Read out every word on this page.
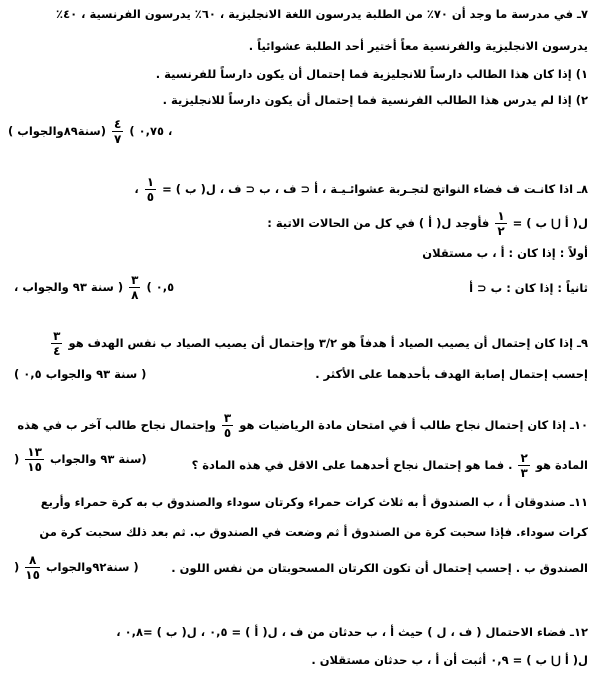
٧ـ في مدرسة ما وجد أن ٧٠٪ من الطلبة يدرسون اللغة الانجليزية ، ٦٠٪ يدرسون الفرنسية ، ٤٠٪
يدرسون الانجليزية والفرنسية معاً أختير أحد الطلبة عشوائياً .
١) إذا كان هذا الطالب دارساً للانجليزية فما إحتمال أن يكون دارساً للفرنسية .
٢) إذا لم يدرس هذا الطالب الفرنسية فما إحتمال أن يكون دارساً للانجليزية .
(	، ٠,٧٥ )
$\frac{٤}{٧}$
(سنة٨٩والجواب
٨ـ اذا كانـت ف فضاء النواتج لتجـربة عشوائـيـة ، أ ⊂ ف ، ب ⊂ ف ، ل( ب ) =
$\frac{١}{٥}$
،
ل( أ ⋃ ب ) =
$\frac{١}{٢}$
فأوجد ل( أ ) في كل من الحالات الاتية :
أولاً : إذا كان : أ ، ب مستقلان
ثانياً : إذا كان : ب ⊂ أ
، ٠,٥ )
$\frac{٣}{٨}$
( سنة ٩٣ والجواب
٩ـ إذا كان إحتمال أن يصيب الصياد أ هدفاً هو ٣/٢ وإحتمال أن يصيب الصياد ب نفس الهدف هو
$\frac{٣}{٤}$
إحسب إحتمال إصابة الهدف بأحدهما على الأكثر .
( سنة ٩٣ والجواب ٠,٥ )
١٠ـ إذا كان إحتمال نجاح طالب أ في امتحان مادة الرياضيات هو
$\frac{٣}{٥}$
وإحتمال نجاح طالب آخر ب في هذه
المادة هو
$\frac{٢}{٣}$
. فما هو إحتمال نجاح أحدهما على الاقل في هذه المادة ؟
) $\frac{١٣}{١٥}$ (سنة ٩٣ والجواب
١١ـ صندوقان أ ، ب الصندوق أ به ثلاث كرات حمراء وكرتان سوداء والصندوق ب به كرة حمراء وأربع
كرات سوداء. فإذا سحبت كرة من الصندوق أ ثم وضعت في الصندوق ب. ثم بعد ذلك سحبت كرة من
الصندوق ب . إحسب إحتمال أن تكون الكرتان المسحوبتان من نفس اللون .
) $\frac{٨}{١٥}$ ( سنة٩٢والجواب
١٢ـ فضاء الاحتمال ( ف ، ل ) حيث أ ، ب حدثان من ف ، ل( أ ) = ٠,٥ ، ل( ب ) =٠,٨ ،
ل( أ ⋃ ب ) = ٠,٩ أثبت أن أ ، ب حدثان مستقلان .
